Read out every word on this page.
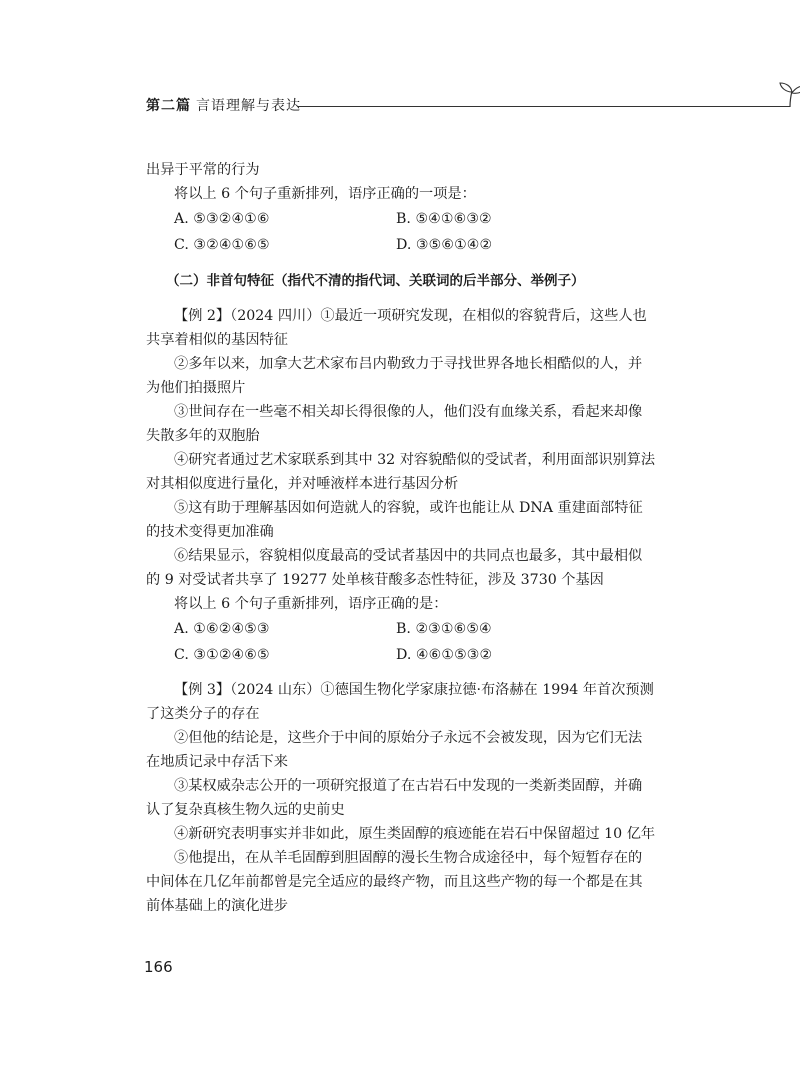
第二篇 言语理解与表达

出异于平常的行为

将以上 6 个句子重新排列，语序正确的一项是：

A. ⑤③②④①⑥	B. ⑤④①⑥③②
C. ③②④①⑥⑤	D. ③⑤⑥①④②

（二）非首句特征（指代不清的指代词、关联词的后半部分、举例子）

【例 2】（2024 四川）①最近一项研究发现，在相似的容貌背后，这些人也共享着相似的基因特征

②多年以来，加拿大艺术家布吕内勒致力于寻找世界各地长相酷似的人，并为他们拍摄照片

③世间存在一些毫不相关却长得很像的人，他们没有血缘关系，看起来却像失散多年的双胞胎

④研究者通过艺术家联系到其中 32 对容貌酷似的受试者，利用面部识别算法对其相似度进行量化，并对唾液样本进行基因分析

⑤这有助于理解基因如何造就人的容貌，或许也能让从 DNA 重建面部特征的技术变得更加准确

⑥结果显示，容貌相似度最高的受试者基因中的共同点也最多，其中最相似的 9 对受试者共享了 19277 处单核苷酸多态性特征，涉及 3730 个基因

将以上 6 个句子重新排列，语序正确的是：

A. ①⑥②④⑤③	B. ②③①⑥⑤④
C. ③①②④⑥⑤	D. ④⑥①⑤③②

【例 3】（2024 山东）①德国生物化学家康拉德·布洛赫在 1994 年首次预测了这类分子的存在

②但他的结论是，这些介于中间的原始分子永远不会被发现，因为它们无法在地质记录中存活下来

③某权威杂志公开的一项研究报道了在古岩石中发现的一类新类固醇，并确认了复杂真核生物久远的史前史

④新研究表明事实并非如此，原生类固醇的痕迹能在岩石中保留超过 10 亿年

⑤他提出，在从羊毛固醇到胆固醇的漫长生物合成途径中，每个短暂存在的中间体在几亿年前都曾是完全适应的最终产物，而且这些产物的每一个都是在其前体基础上的演化进步

166
